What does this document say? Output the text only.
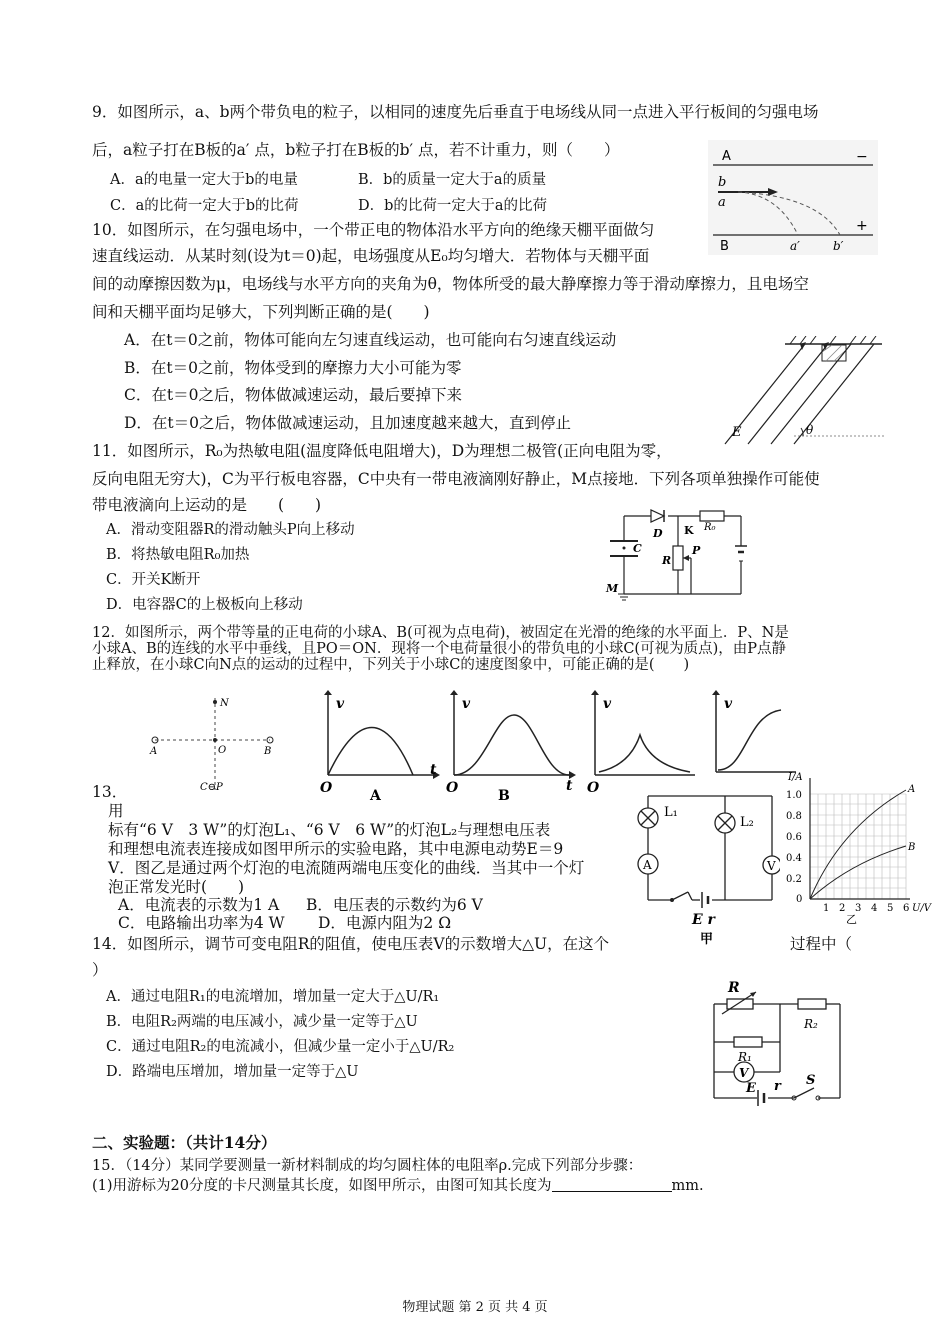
9．如图所示，a、b两个带负电的粒子，以相同的速度先后垂直于电场线从同一点进入平行板间的匀强电场
后，a粒子打在B板的a′ 点，b粒子打在B板的b′ 点，若不计重力，则（　　）
A．a的电量一定大于b的电量	B．b的质量一定大于a的质量
C．a的比荷一定大于b的比荷	D．b的比荷一定大于a的比荷
A	−
B
+
b
a
a′	b′
10．如图所示，在匀强电场中，一个带正电的物体沿水平方向的绝缘天棚平面做匀
速直线运动．从某时刻(设为t＝0)起，电场强度从E₀均匀增大．若物体与天棚平面
间的动摩擦因数为μ，电场线与水平方向的夹角为θ，物体所受的最大静摩擦力等于滑动摩擦力，且电场空
间和天棚平面均足够大，下列判断正确的是(　　)
A．在t＝0之前，物体可能向左匀速直线运动，也可能向右匀速直线运动
B．在t＝0之前，物体受到的摩擦力大小可能为零
C．在t＝0之后，物体做减速运动，最后要掉下来
D．在t＝0之后，物体做减速运动，且加速度越来越大，直到停止
E	θ
11．如图所示，R₀为热敏电阻(温度降低电阻增大)，D为理想二极管(正向电阻为零，
反向电阻无穷大)，C为平行板电容器，C中央有一带电液滴刚好静止，M点接地．下列各项单独操作可能使
带电液滴向上运动的是　　(　　)
A．滑动变阻器R的滑动触头P向上移动
B．将热敏电阻R₀加热
C．开关K断开
D．电容器C的上极板向上移动
D K R₀
C
R
P
M
12．如图所示，两个带等量的正电荷的小球A、B(可视为点电荷)，被固定在光滑的绝缘的水平面上．P、N是
小球A、B的连线的水平中垂线，且PO＝ON．现将一个电荷量很小的带负电的小球C(可视为质点)，由P点静
止释放，在小球C向N点的运动的过程中，下列关于小球C的速度图象中，可能正确的是(　　)
N
A	O	B
C⊖P
v
t
O	A
v
t
O	B
v
O
v
13．
用
标有“6 V　3 W”的灯泡L₁、“6 V　6 W”的灯泡L₂与理想电压表
和理想电流表连接成如图甲所示的实验电路，其中电源电动势E＝9
V．图乙是通过两个灯泡的电流随两端电压变化的曲线．当其中一个灯
泡正常发光时(　　)
A．电流表的示数为1 A B．电压表的示数约为6 V
C．电路输出功率为4 W D．电源内阻为2 Ω
L₁
L₂
A	V
E r
甲
I/A
A
B
1.0
0.8
0.6
0.4
0.2
0
1 2 3 4 5 6 U/V
乙
14．如图所示，调节可变电阻R的阻值，使电压表V的示数增大△U，在这个	过程中（
）
A．通过电阻R₁的电流增加，增加量一定大于△U/R₁
B．电阻R₂两端的电压减小，减少量一定等于△U
C．通过电阻R₂的电流减小，但减少量一定小于△U/R₂
D．路端电压增加，增加量一定等于△U
R
R₂
R₁
V
E r S
二、实验题：（共计14分）
15．（14分）某同学要测量一新材料制成的均匀圆柱体的电阻率ρ.完成下列部分步骤：
(1)用游标为20分度的卡尺测量其长度，如图甲所示，由图可知其长度为	mm.
物理试题 第 2 页 共 4 页
